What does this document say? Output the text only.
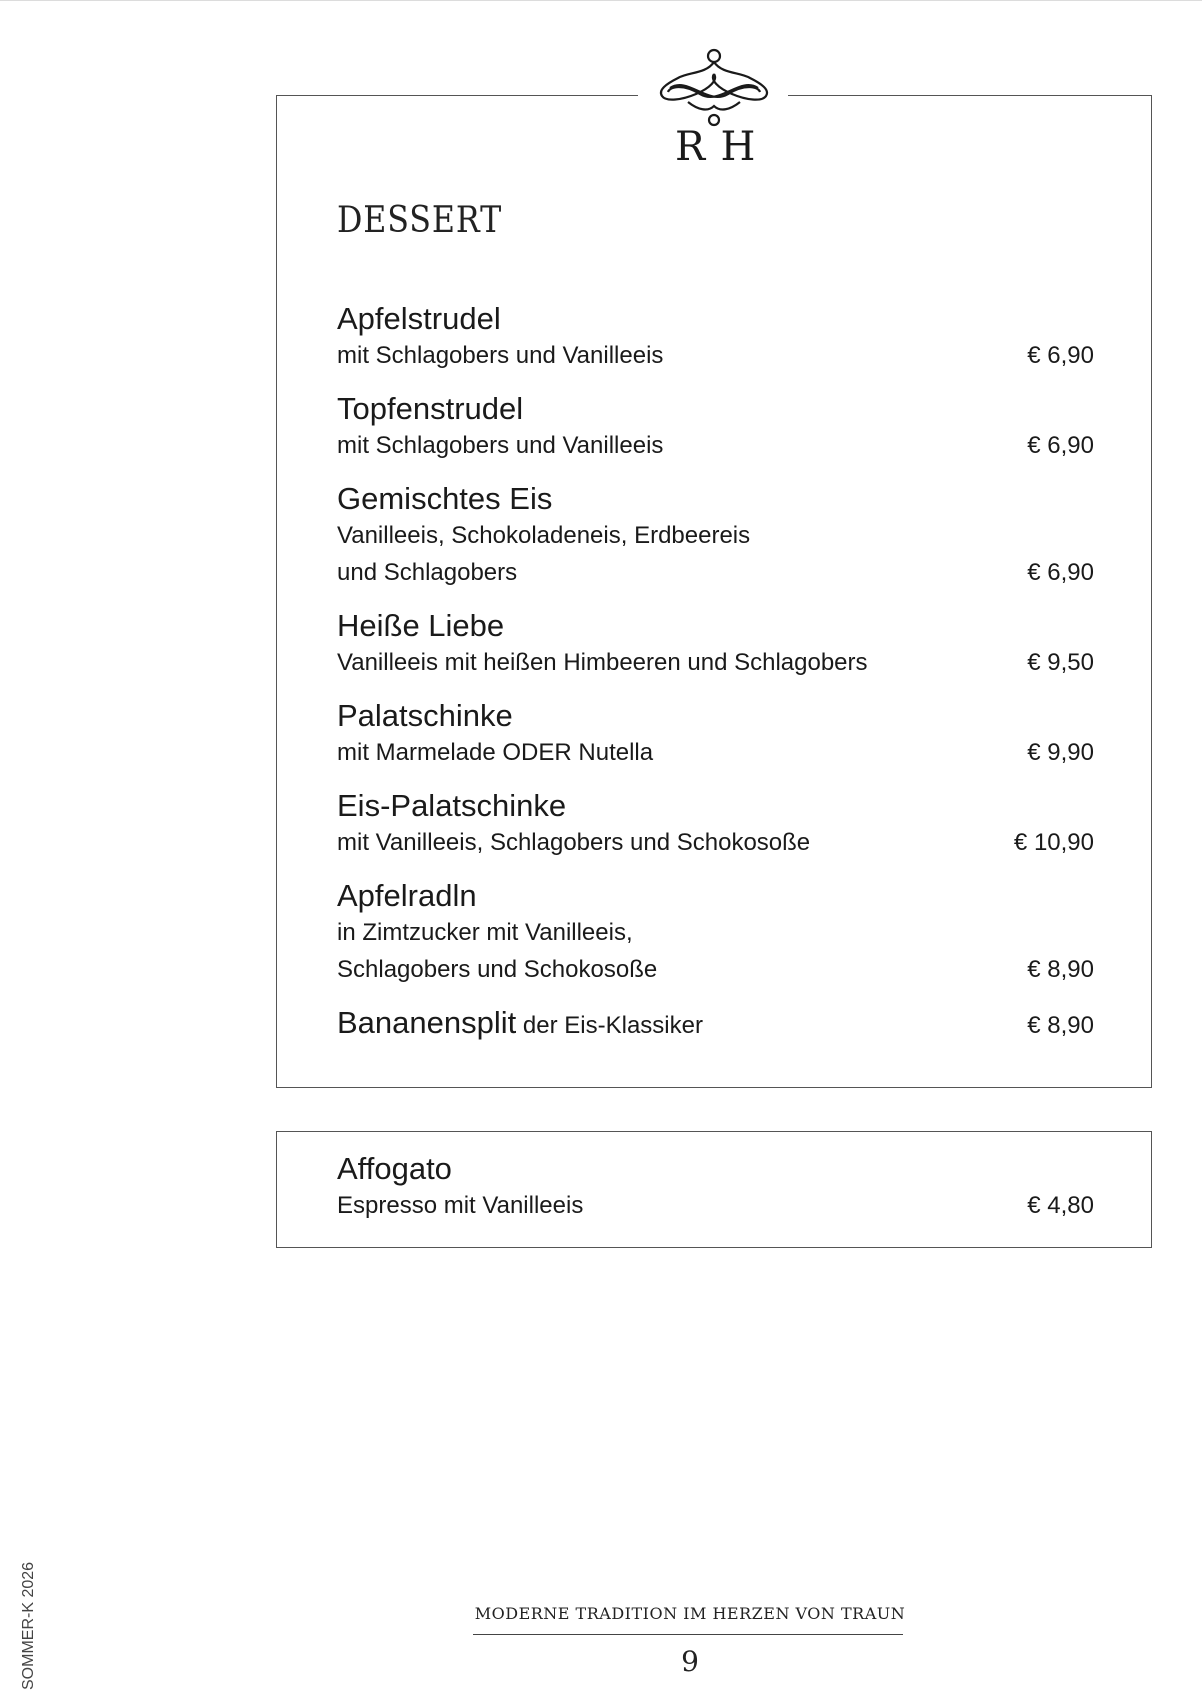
R H
DESSERT
Apfelstrudel
mit Schlagobers und Vanilleeis	€ 6,90
Topfenstrudel
mit Schlagobers und Vanilleeis	€ 6,90
Gemischtes Eis
Vanilleeis, Schokoladeneis, Erdbeereis
und Schlagobers	€ 6,90
Heiße Liebe
Vanilleeis mit heißen Himbeeren und Schlagobers	€ 9,50
Palatschinke
mit Marmelade ODER Nutella	€ 9,90
Eis-Palatschinke
mit Vanilleeis, Schlagobers und Schokosoße	€ 10,90
Apfelradln
in Zimtzucker mit Vanilleeis,
Schlagobers und Schokosoße	€ 8,90
Bananensplit der Eis-Klassiker	€ 8,90
Affogato
Espresso mit Vanilleeis	€ 4,80
SOMMER-K 2026	MODERNE TRADITION IM HERZEN VON TRAUN
9
